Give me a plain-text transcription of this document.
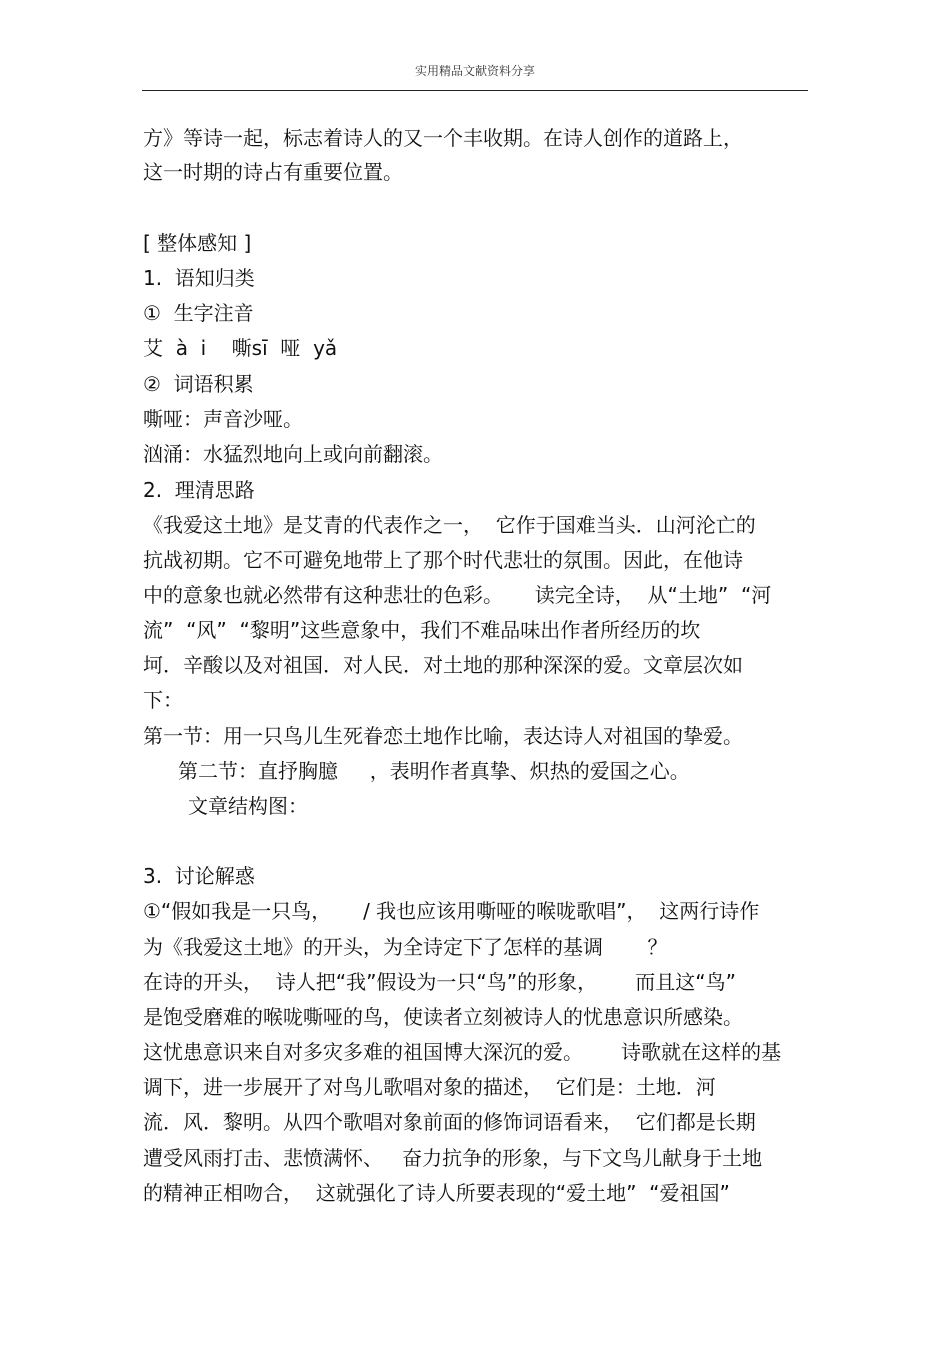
实用精品文献资料分享
方》等诗一起，标志着诗人的又一个丰收期。在诗人创作的道路上，
这一时期的诗占有重要位置。
[ 整体感知 ]
1.  语知归类
①  生字注音
艾  à  i    嘶sī  哑  yǎ
②  词语积累
嘶哑：声音沙哑。
汹涌：水猛烈地向上或向前翻滚。
2.  理清思路
《我爱这土地》是艾青的代表作之一，  它作于国难当头．山河沦亡的
抗战初期。它不可避免地带上了那个时代悲壮的氛围。因此，在他诗
中的意象也就必然带有这种悲壮的色彩。     读完全诗，  从“土地”  “河
流”  “风”  “黎明”这些意象中，我们不难品味出作者所经历的坎
坷．辛酸以及对祖国．对人民．对土地的那种深深的爱。文章层次如
下：
第一节：用一只鸟儿生死眷恋土地作比喻，表达诗人对祖国的挚爱。
第二节：直抒胸臆     ，表明作者真挚、炽热的爱国之心。
文章结构图：
3.  讨论解惑
①“假如我是一只鸟，     / 我也应该用嘶哑的喉咙歌唱”，  这两行诗作
为《我爱这土地》的开头，为全诗定下了怎样的基调       ？
在诗的开头，  诗人把“我”假设为一只“鸟”的形象，      而且这“鸟”
是饱受磨难的喉咙嘶哑的鸟，使读者立刻被诗人的忧患意识所感染。
这忧患意识来自对多灾多难的祖国博大深沉的爱。      诗歌就在这样的基
调下，进一步展开了对鸟儿歌唱对象的描述，  它们是：土地．河
流．风．黎明。从四个歌唱对象前面的修饰词语看来，  它们都是长期
遭受风雨打击、悲愤满怀、   奋力抗争的形象，与下文鸟儿献身于土地
的精神正相吻合，  这就强化了诗人所要表现的“爱土地”  “爱祖国”
